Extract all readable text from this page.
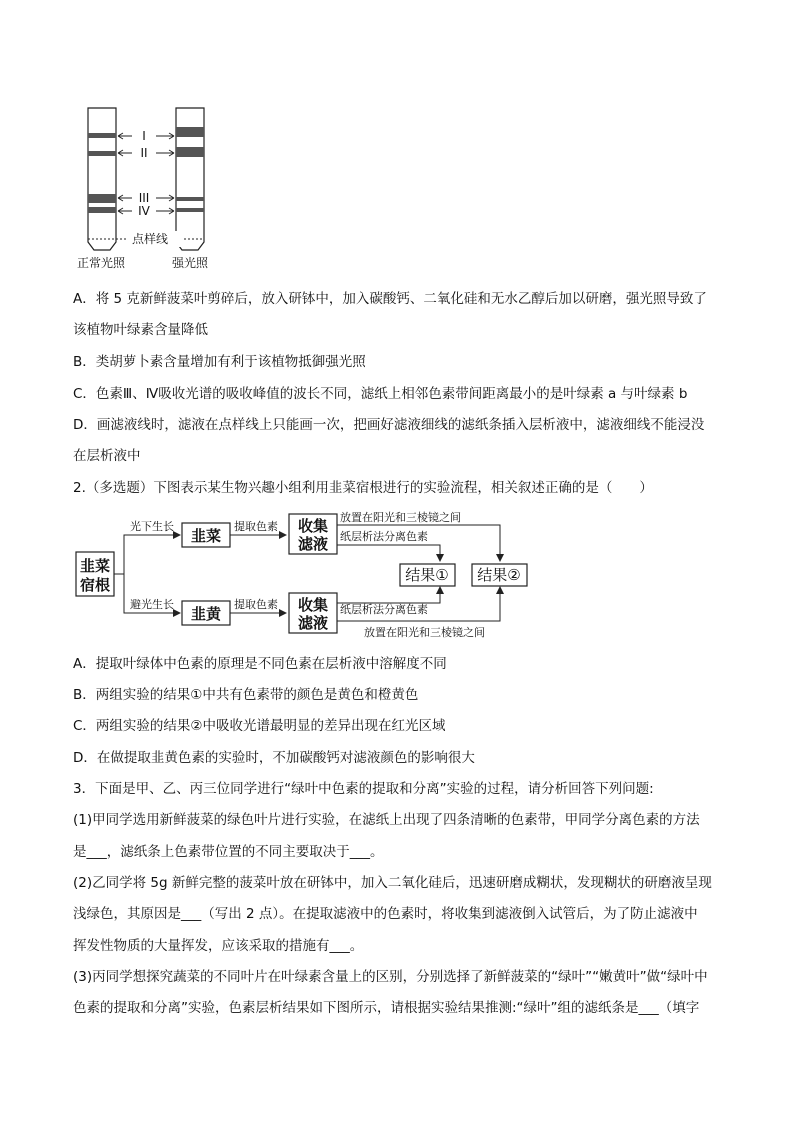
I
II
III
IV
点样线
正常光照	强光照
A．将 5 克新鲜菠菜叶剪碎后，放入研钵中，加入碳酸钙、二氧化硅和无水乙醇后加以研磨，强光照导致了
该植物叶绿素含量降低
B．类胡萝卜素含量增加有利于该植物抵御强光照
C．色素Ⅲ、Ⅳ吸收光谱的吸收峰值的波长不同，滤纸上相邻色素带间距离最小的是叶绿素 a 与叶绿素 b
D．画滤液线时，滤液在点样线上只能画一次，把画好滤液细线的滤纸条插入层析液中，滤液细线不能浸没
在层析液中
2.（多选题）下图表示某生物兴趣小组利用韭菜宿根进行的实验流程，相关叙述正确的是（　　）
韭菜
宿根
光下生长
避光生长
韭菜
韭黄
提取色素
提取色素
收集
滤液
收集
滤液
放置在阳光和三棱镜之间
纸层析法分离色素
纸层析法分离色素
放置在阳光和三棱镜之间
结果① 结果②
A．提取叶绿体中色素的原理是不同色素在层析液中溶解度不同
B．两组实验的结果①中共有色素带的颜色是黄色和橙黄色
C．两组实验的结果②中吸收光谱最明显的差异出现在红光区域
D．在做提取韭黄色素的实验时，不加碳酸钙对滤液颜色的影响很大
3．下面是甲、乙、丙三位同学进行“绿叶中色素的提取和分离”实验的过程，请分析回答下列问题:
(1)甲同学选用新鲜菠菜的绿色叶片进行实验，在滤纸上出现了四条清晰的色素带，甲同学分离色素的方法
是___，滤纸条上色素带位置的不同主要取决于___。
(2)乙同学将 5g 新鲜完整的菠菜叶放在研钵中，加入二氧化硅后，迅速研磨成糊状，发现糊状的研磨液呈现
浅绿色，其原因是___（写出 2 点）。在提取滤液中的色素时，将收集到滤液倒入试管后，为了防止滤液中
挥发性物质的大量挥发，应该采取的措施有___。
(3)丙同学想探究蔬菜的不同叶片在叶绿素含量上的区别，分别选择了新鲜菠菜的“绿叶”“嫩黄叶”做“绿叶中
色素的提取和分离”实验，色素层析结果如下图所示，请根据实验结果推测:“绿叶”组的滤纸条是___（填字
